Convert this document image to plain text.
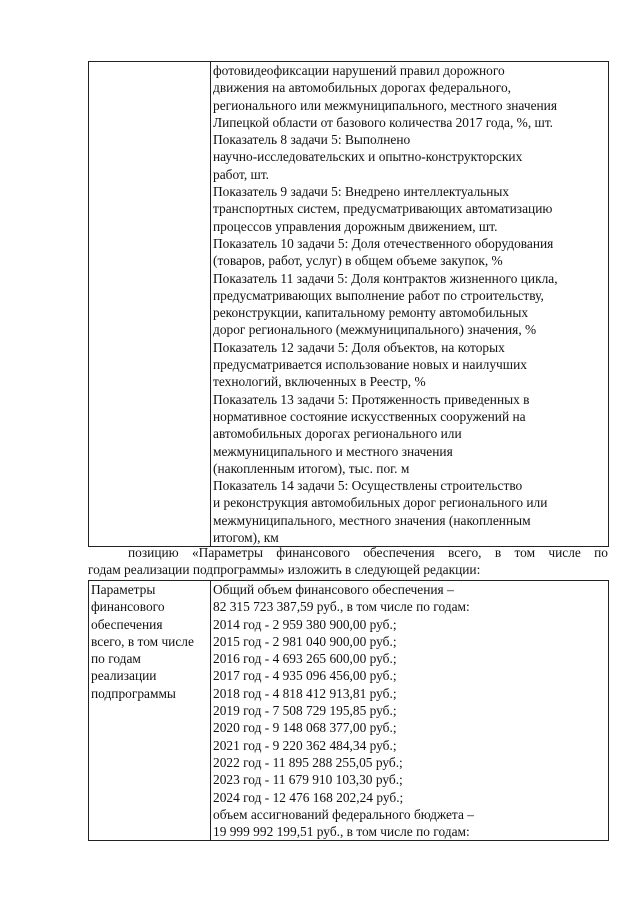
фотовидеофиксации нарушений правил дорожного
движения на автомобильных дорогах федерального,
регионального или межмуниципального, местного значения
Липецкой области от базового количества 2017 года, %, шт.
Показатель 8 задачи 5: Выполнено
научно-исследовательских и опытно-конструкторских
работ, шт.
Показатель 9 задачи 5: Внедрено интеллектуальных
транспортных систем, предусматривающих автоматизацию
процессов управления дорожным движением, шт.
Показатель 10 задачи 5: Доля отечественного оборудования
(товаров, работ, услуг) в общем объеме закупок, %
Показатель 11 задачи 5: Доля контрактов жизненного цикла,
предусматривающих выполнение работ по строительству,
реконструкции, капитальному ремонту автомобильных
дорог регионального (межмуниципального) значения, %
Показатель 12 задачи 5: Доля объектов, на которых
предусматривается использование новых и наилучших
технологий, включенных в Реестр, %
Показатель 13 задачи 5: Протяженность приведенных в
нормативное состояние искусственных сооружений на
автомобильных дорогах регионального или
межмуниципального и местного значения
(накопленным итогом), тыс. пог. м
Показатель 14 задачи 5: Осуществлены строительство
и реконструкция автомобильных дорог регионального или
межмуниципального, местного значения (накопленным
итогом), км
позицию «Параметры финансового обеспечения всего, в том числе по
годам реализации подпрограммы» изложить в следующей редакции:
Параметры
финансового
обеспечения
всего, в том числе
по годам
реализации
подпрограммы

Общий объем финансового обеспечения –
82 315 723 387,59 руб., в том числе по годам:
2014 год - 2 959 380 900,00 руб.;
2015 год - 2 981 040 900,00 руб.;
2016 год - 4 693 265 600,00 руб.;
2017 год - 4 935 096 456,00 руб.;
2018 год - 4 818 412 913,81 руб.;
2019 год - 7 508 729 195,85 руб.;
2020 год - 9 148 068 377,00 руб.;
2021 год - 9 220 362 484,34 руб.;
2022 год - 11 895 288 255,05 руб.;
2023 год - 11 679 910 103,30 руб.;
2024 год - 12 476 168 202,24 руб.;
объем ассигнований федерального бюджета –
19 999 992 199,51 руб., в том числе по годам:
